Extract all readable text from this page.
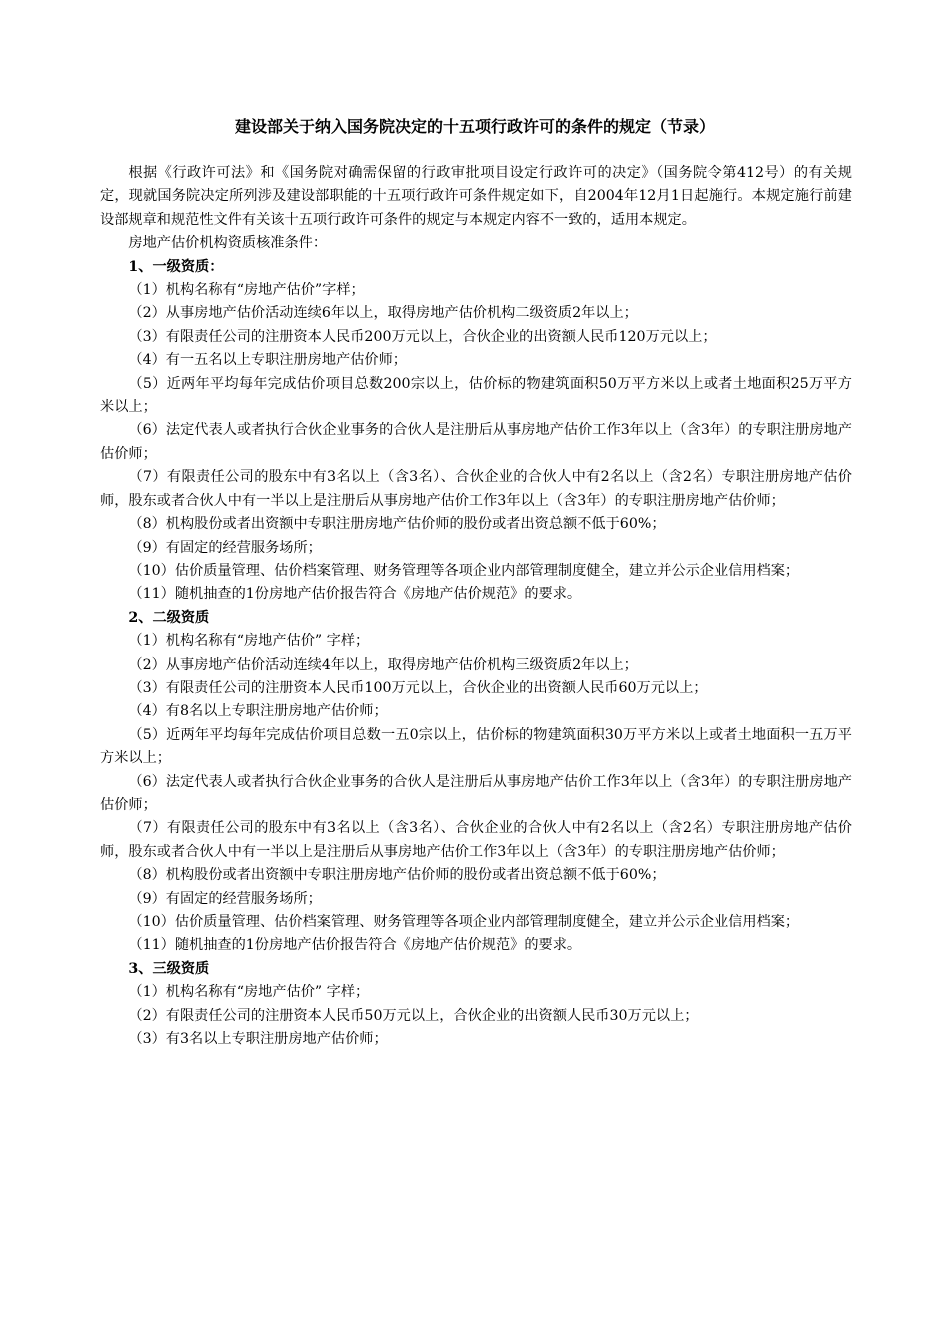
建设部关于纳入国务院决定的十五项行政许可的条件的规定（节录）

根据《行政许可法》和《国务院对确需保留的行政审批项目设定行政许可的决定》（国务院令第412号）的有关规定，现就国务院决定所列涉及建设部职能的十五项行政许可条件规定如下，自2004年12月1日起施行。本规定施行前建设部规章和规范性文件有关该十五项行政许可条件的规定与本规定内容不一致的，适用本规定。

房地产估价机构资质核准条件：

1、一级资质：

（1）机构名称有“房地产估价”字样；

（2）从事房地产估价活动连续6年以上，取得房地产估价机构二级资质2年以上；

（3）有限责任公司的注册资本人民币200万元以上，合伙企业的出资额人民币120万元以上；

（4）有一五名以上专职注册房地产估价师；

（5）近两年平均每年完成估价项目总数200宗以上，估价标的物建筑面积50万平方米以上或者土地面积25万平方米以上；

（6）法定代表人或者执行合伙企业事务的合伙人是注册后从事房地产估价工作3年以上（含3年）的专职注册房地产估价师；

（7）有限责任公司的股东中有3名以上（含3名）、合伙企业的合伙人中有2名以上（含2名）专职注册房地产估价师，股东或者合伙人中有一半以上是注册后从事房地产估价工作3年以上（含3年）的专职注册房地产估价师；

（8）机构股份或者出资额中专职注册房地产估价师的股份或者出资总额不低于60%；

（9）有固定的经营服务场所；

（10）估价质量管理、估价档案管理、财务管理等各项企业内部管理制度健全，建立并公示企业信用档案；

（11）随机抽查的1份房地产估价报告符合《房地产估价规范》的要求。

2、二级资质

（1）机构名称有“房地产估价” 字样；

（2）从事房地产估价活动连续4年以上，取得房地产估价机构三级资质2年以上；

（3）有限责任公司的注册资本人民币100万元以上，合伙企业的出资额人民币60万元以上；

（4）有8名以上专职注册房地产估价师；

（5）近两年平均每年完成估价项目总数一五0宗以上，估价标的物建筑面积30万平方米以上或者土地面积一五万平方米以上；

（6）法定代表人或者执行合伙企业事务的合伙人是注册后从事房地产估价工作3年以上（含3年）的专职注册房地产估价师；

（7）有限责任公司的股东中有3名以上（含3名）、合伙企业的合伙人中有2名以上（含2名）专职注册房地产估价师，股东或者合伙人中有一半以上是注册后从事房地产估价工作3年以上（含3年）的专职注册房地产估价师；

（8）机构股份或者出资额中专职注册房地产估价师的股份或者出资总额不低于60%；

（9）有固定的经营服务场所；

（10）估价质量管理、估价档案管理、财务管理等各项企业内部管理制度健全，建立并公示企业信用档案；

（11）随机抽查的1份房地产估价报告符合《房地产估价规范》的要求。

3、三级资质

（1）机构名称有“房地产估价” 字样；

（2）有限责任公司的注册资本人民币50万元以上，合伙企业的出资额人民币30万元以上；

（3）有3名以上专职注册房地产估价师；
